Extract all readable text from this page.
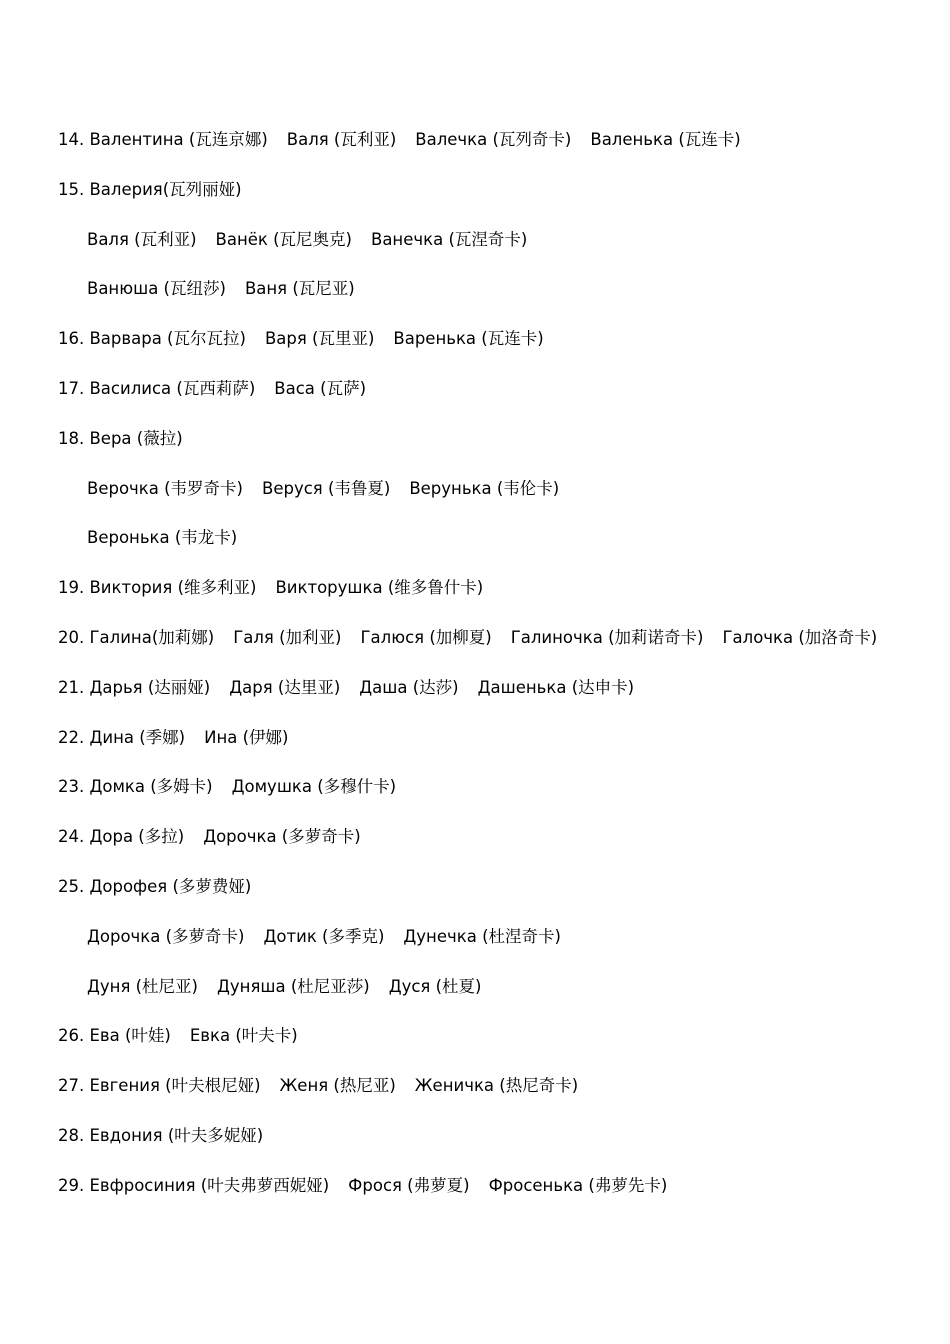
14. Валентина (瓦连京娜) Валя (瓦利亚) Валечка (瓦列奇卡) Валенька (瓦连卡)
15. Валерия(瓦列丽娅)
Валя (瓦利亚) Ванёк (瓦尼奥克) Ванечка (瓦涅奇卡)
Ванюша (瓦纽莎) Ваня (瓦尼亚)
16. Варвара (瓦尔瓦拉) Варя (瓦里亚) Варенька (瓦连卡)
17. Василиса (瓦西莉萨) Васа (瓦萨)
18. Вера (薇拉)
Верочка (韦罗奇卡) Веруся (韦鲁夏) Верунька (韦伦卡)
Веронька (韦龙卡)
19. Виктория (维多利亚) Викторушка (维多鲁什卡)
20. Галина(加莉娜) Галя (加利亚) Галюся (加柳夏) Галиночка (加莉诺奇卡) Галочка (加洛奇卡)
21. Дарья (达丽娅) Даря (达里亚) Даша (达莎) Дашенька (达申卡)
22. Дина (季娜) Ина (伊娜)
23. Домка (多姆卡) Домушка (多穆什卡)
24. Дора (多拉) Дорочка (多萝奇卡)
25. Дорофея (多萝费娅)
Дорочка (多萝奇卡) Дотик (多季克) Дунечка (杜涅奇卡)
Дуня (杜尼亚) Дуняша (杜尼亚莎) Дуся (杜夏)
26. Ева (叶娃) Евка (叶夫卡)
27. Евгения (叶夫根尼娅) Женя (热尼亚) Женичка (热尼奇卡)
28. Евдония (叶夫多妮娅)
29. Евфросиния (叶夫弗萝西妮娅) Фрося (弗萝夏) Фросенька (弗萝先卡)
